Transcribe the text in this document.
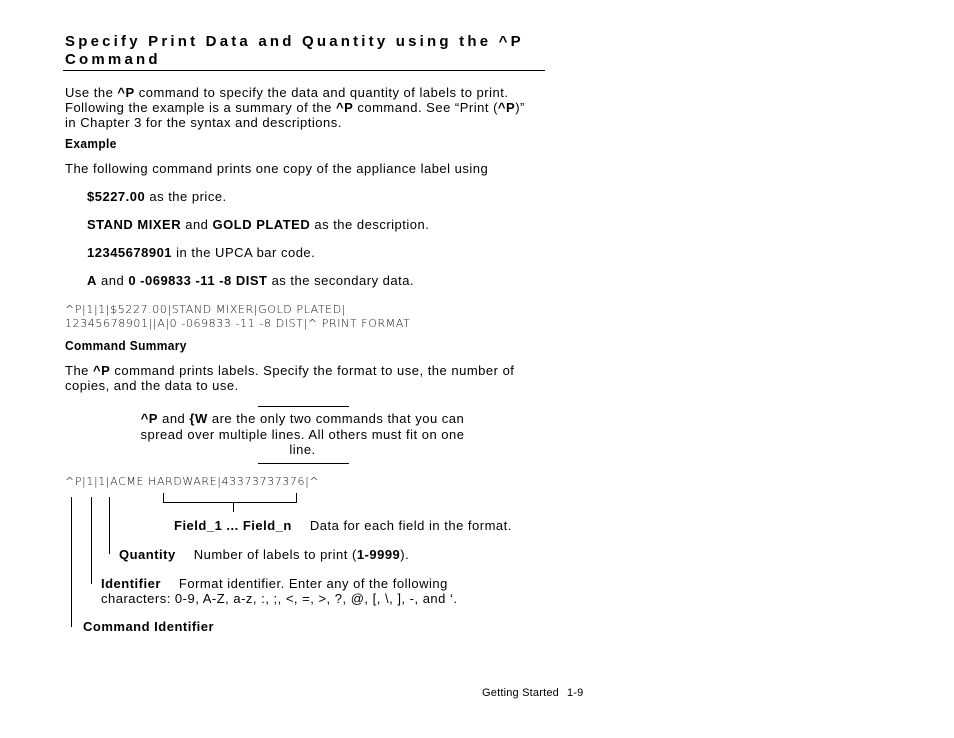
Specify Print Data and Quantity using the ^P Command
Use the ^P command to specify the data and quantity of labels to print. Following the example is a summary of the ^P command. See “Print (^P)” in Chapter 3 for the syntax and descriptions.
Example
The following command prints one copy of the appliance label using
$5227.00 as the price.
STAND MIXER and GOLD PLATED as the description.
12345678901 in the UPCA bar code.
A and 0 -069833 -11 -8 DIST as the secondary data.
^P|1|1|$5227.00|STAND MIXER|GOLD PLATED|
12345678901||A|0 -069833 -11 -8 DIST|^ PRINT FORMAT
Command Summary
The ^P command prints labels. Specify the format to use, the number of copies, and the data to use.
^P and {W are the only two commands that you can spread over multiple lines. All others must fit on one line.
^P|1|1|ACME HARDWARE|43373737376|^
Field_1 ... Field_n Data for each field in the format.
Quantity Number of labels to print (1-9999).
Identifier Format identifier. Enter any of the following characters: 0-9, A-Z, a-z, :, ;, <, =, >, ?, @, [, \, ], -, and ‘.
Command Identifier
Getting Started 1-9
